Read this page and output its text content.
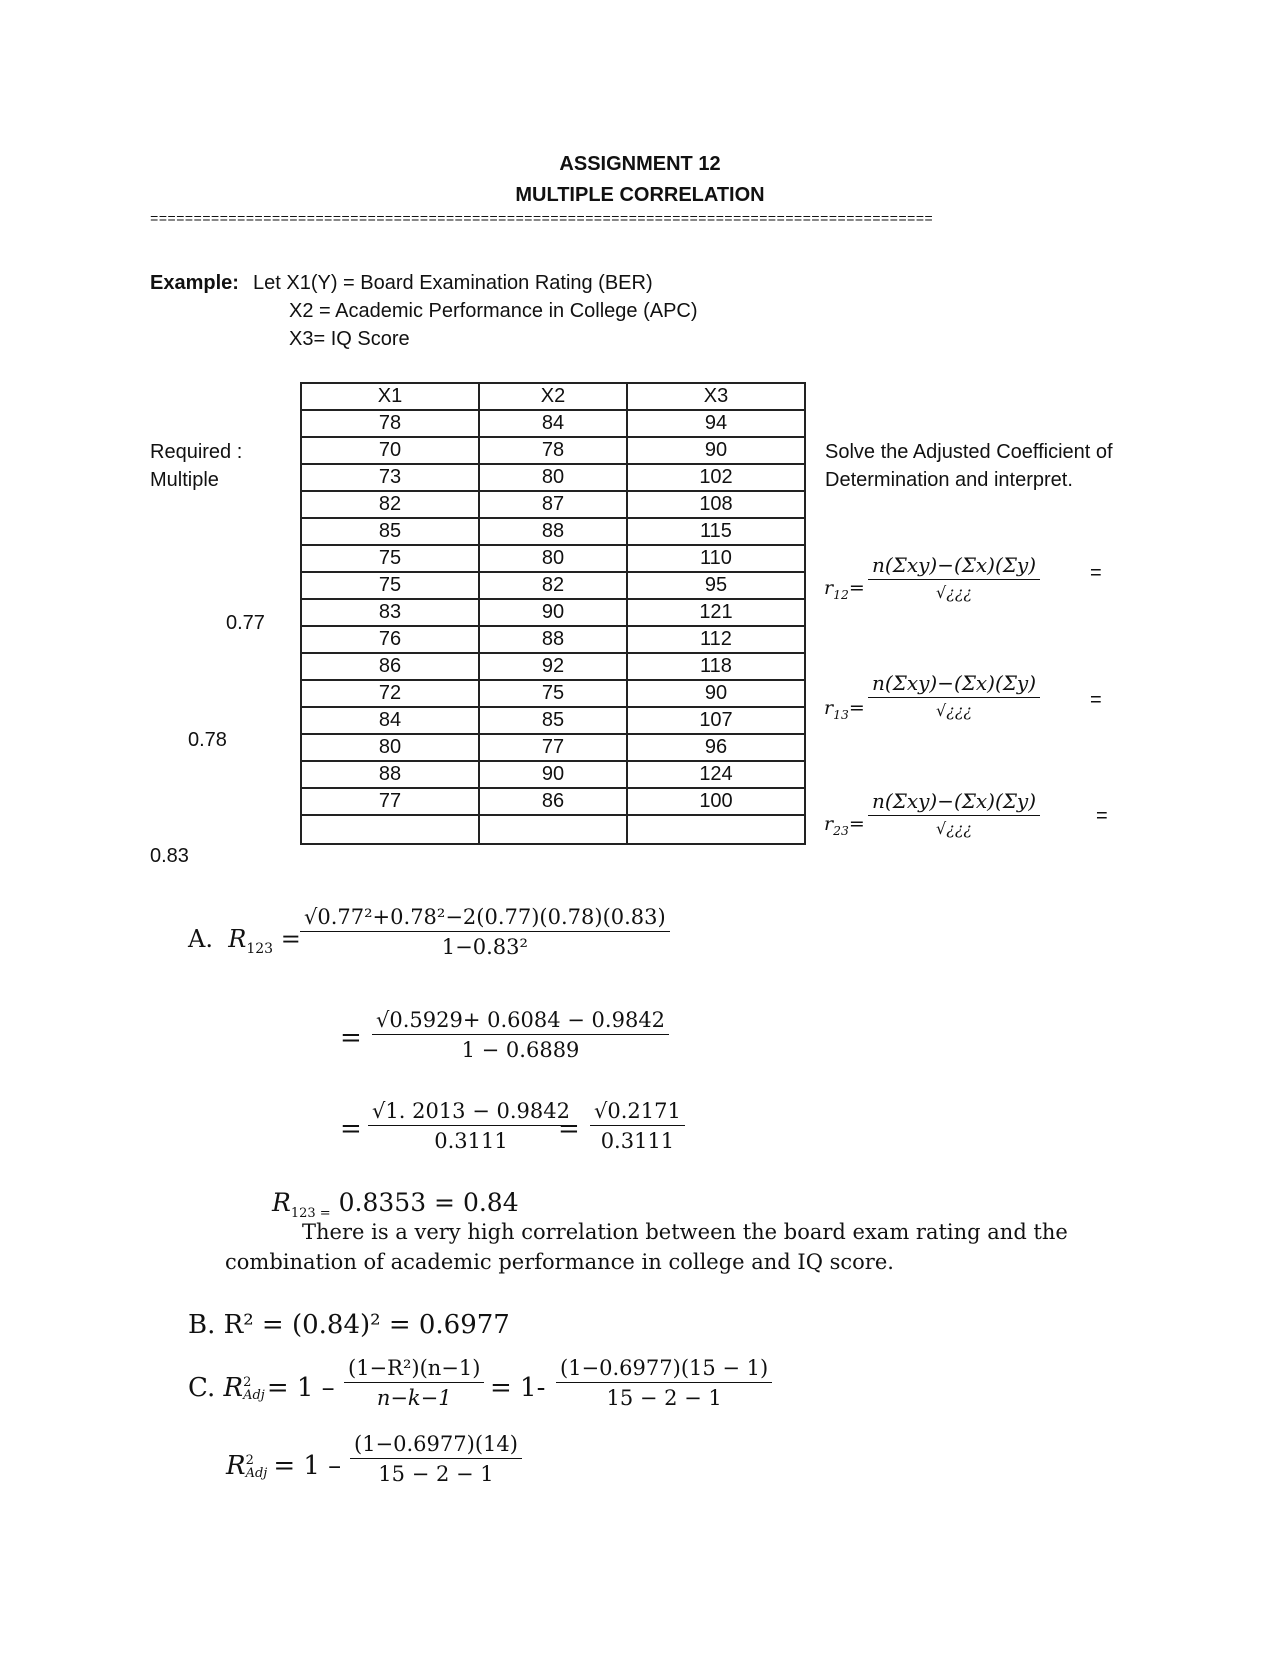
ASSIGNMENT 12
MULTIPLE CORRELATION
==========================================================================================
Example: Let X1(Y) = Board Examination Rating (BER)
X2 = Academic Performance in College (APC)
X3= IQ Score
Required :
Multiple
0.77
0.78
0.83
X1	X2	X3
78	84	94
70	78	90
73	80	102
82	87	108
85	88	115
75	80	110
75	82	95
83	90	121
76	88	112
86	92	118
72	75	90
84	85	107
80	77	96
88	90	124
77	86	100

Solve the Adjusted Coefficient of
Determination and interpret.
$r_{12}=$
n(Σxy)−(Σx)(Σy)
√¿¿¿
=
$r_{13}=$
n(Σxy)−(Σx)(Σy)
√¿¿¿	=
$r_{23}=$
n(Σxy)−(Σx)(Σy)
√¿¿¿
=
A. $R_{123} = \frac{\text{√0.77²+0.78²−2(0.77)(0.78)(0.83)}}{\text{1−0.83²}}$
= $\frac{√0.5929+ 0.6084 - 0.9842}{1 - 0.6889}$
= $\frac{√1. 2013 - 0.9842}{0.3111}$
= $\frac{√0.2171}{0.3111}$
$R_{123 =}$ 0.8353 = 0.84
There is a very high correlation between the board exam rating and the
combination of academic performance in college and IQ score.
B. R² = (0.84)² = 0.6977
C. R 2
Adj = $1 - \frac{\text{(1−R²)(n−1)}}{n-k-1} = 1- \frac{(1-0.6977)(15 - 1)}{15 - 2 - 1}$
R 2
Adj = $1 - \frac{(1-0.6977)(14)}{15 - 2 - 1}$
